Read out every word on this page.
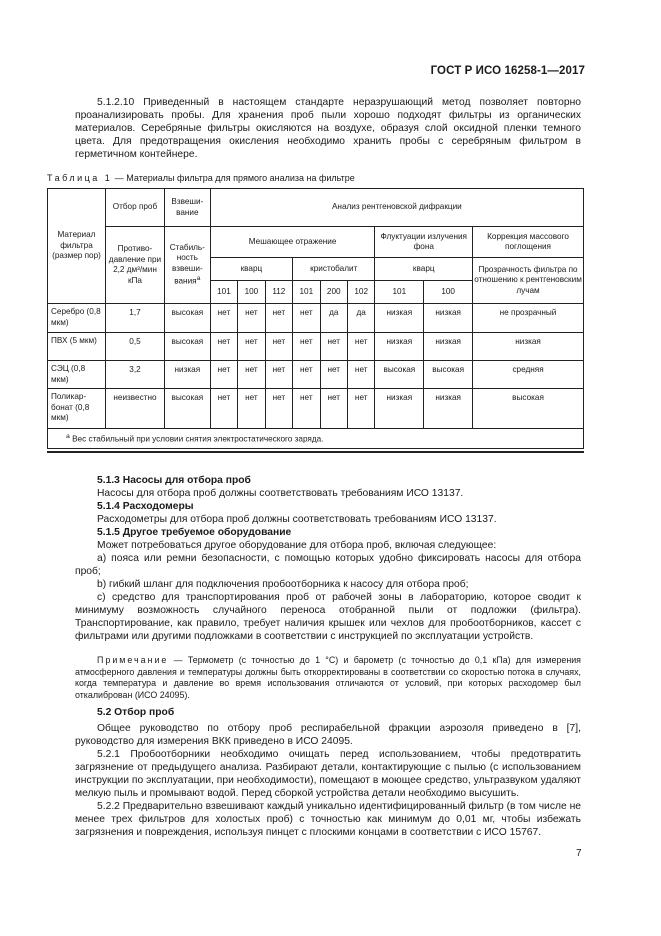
ГОСТ Р ИСО 16258-1—2017
5.1.2.10 Приведенный в настоящем стандарте неразрушающий метод позволяет повторно проанализировать пробы. Для хранения проб пыли хорошо подходят фильтры из органических материалов. Серебряные фильтры окисляются на воздухе, образуя слой оксидной пленки темного цвета. Для предотвращения окисления необходимо хранить пробы с серебряным фильтром в герметичном контейнере.
Таблица 1 — Материалы фильтра для прямого анализа на фильтре
Материал фильтра (размер пор)	Отбор проб	Взвеши-вание	Анализ рентгеновской дифракции								
	Противо-давление при 2,2 дм³/мин кПа	Стабиль-ность взвеши-вания$^а$	Мешающее отражение						Флуктуации излучения фона		Коррекция массового поглощения
			кварц			кристобалит			кварц		Прозрачность фильтра по отношению к рентгеновским лучам
			101	100	112	101	200	102	101	100	
Серебро (0,8 мкм)	1,7	высокая	нет	нет	нет	нет	да	да	низкая	низкая	не прозрачный
ПВХ (5 мкм)	0,5	высокая	нет	нет	нет	нет	нет	нет	низкая	низкая	низкая
СЭЦ (0,8 мкм)	3,2	низкая	нет	нет	нет	нет	нет	нет	высокая	высокая	средняя
Поликар-бонат (0,8 мкм)	неизвестно	высокая	нет	нет	нет	нет	нет	нет	низкая	низкая	высокая
$^а$ Вес стабильный при условии снятия электростатического заряда.											

5.1.3 Насосы для отбора проб

Насосы для отбора проб должны соответствовать требованиям ИСО 13137.

5.1.4 Расходомеры

Расходометры для отбора проб должны соответствовать требованиям ИСО 13137.

5.1.5 Другое требуемое оборудование

Может потребоваться другое оборудование для отбора проб, включая следующее:

а) пояса или ремни безопасности, с помощью которых удобно фиксировать насосы для отбора проб;

b) гибкий шланг для подключения пробоотборника к насосу для отбора проб;

с) средство для транспортирования проб от рабочей зоны в лабораторию, которое сводит к минимуму возможность случайного переноса отобранной пыли от подложки (фильтра). Транспортирование, как правило, требует наличия крышек или чехлов для пробоотборников, кассет с фильтрами или другими подложками в соответствии с инструкцией по эксплуатации устройств.

Примечание — Термометр (с точностью до 1 °С) и барометр (с точностью до 0,1 кПа) для измерения атмосферного давления и температуры должны быть откорректированы в соответствии со скоростью потока в случаях, когда температура и давление во время использования отличаются от условий, при которых расходомер был откалиброван (ИСО 24095).

5.2 Отбор проб

Общее руководство по отбору проб респирабельной фракции аэрозоля приведено в [7], руководство для измерения ВКК приведено в ИСО 24095.

5.2.1 Пробоотборники необходимо очищать перед использованием, чтобы предотвратить загрязнение от предыдущего анализа. Разбирают детали, контактирующие с пылью (с использованием инструкции по эксплуатации, при необходимости), помещают в моющее средство, ультразвуком удаляют мелкую пыль и промывают водой. Перед сборкой устройства детали необходимо высушить.

5.2.2 Предварительно взвешивают каждый уникально идентифицированный фильтр (в том числе не менее трех фильтров для холостых проб) с точностью как минимум до 0,01 мг, чтобы избежать загрязнения и повреждения, используя пинцет с плоскими концами в соответствии с ИСО 15767.

7
